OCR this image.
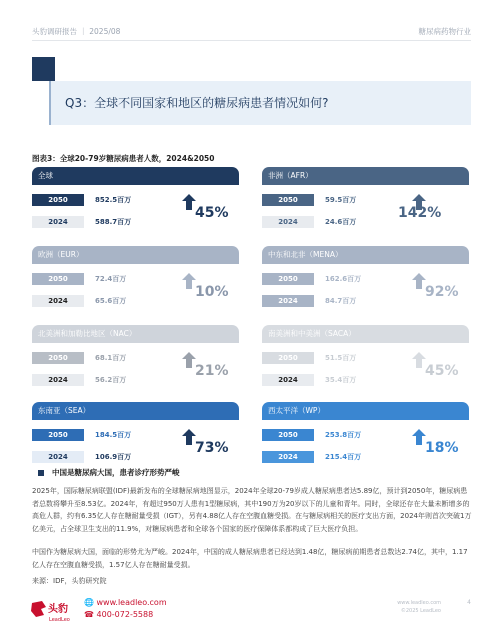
头豹调研报告 ｜ 2025/08	糖尿病药物行业
Q3：全球不同国家和地区的糖尿病患者情况如何?
图表3：全球20-79岁糖尿病患者人数，2024&2050
全球
2050	852.5百万
2024	588.7百万
45%
非洲（AFR）
2050	59.5百万
2024	24.6百万
142%
欧洲（EUR）
2050	72.4百万
2024	65.6百万
10%
中东和北非（MENA）
2050	162.6百万
2024	84.7百万
92%
北美洲和加勒比地区（NAC）
2050	68.1百万
2024	56.2百万
21%
南美洲和中美洲（SACA）
2050	51.5百万
2024	35.4百万
45%
东南亚（SEA）
2050	184.5百万
2024	106.9百万
73%
西太平洋（WP）
2050	253.8百万
2024	215.4百万
18%
中国是糖尿病大国，患者诊疗形势严峻
2025年，国际糖尿病联盟(IDF)最新发布的全球糖尿病地图显示，2024年全球20-79岁成人糖尿病患者达5.89亿，预计到2050年，糖尿病患者总数将攀升至8.53亿。2024年，有超过950万人患有1型糖尿病，其中190万为20岁以下的儿童和青年。同时，全球还存在大量未断增多的高危人群，约有6.35亿人存在糖耐量受损（IGT），另有4.88亿人存在空腹血糖受损。在与糖尿病相关的医疗支出方面，2024年则首次突破1万亿美元，占全球卫生支出的11.9%，对糖尿病患者和全球各个国家的医疗保障体系都构成了巨大医疗负担。
中国作为糖尿病大国，面临的形势尤为严峻。2024年，中国的成人糖尿病患者已经达到1.48亿，糖尿病前期患者总数达2.74亿，其中，1.17亿人存在空腹血糖受损，1.57亿人存在糖耐量受损。
来源：IDF，头豹研究院
头豹
LeadLeo
🌐 www.leadleo.com
☎ 400-072-5588
www.leadleo.com
©2025 LeadLeo
4
